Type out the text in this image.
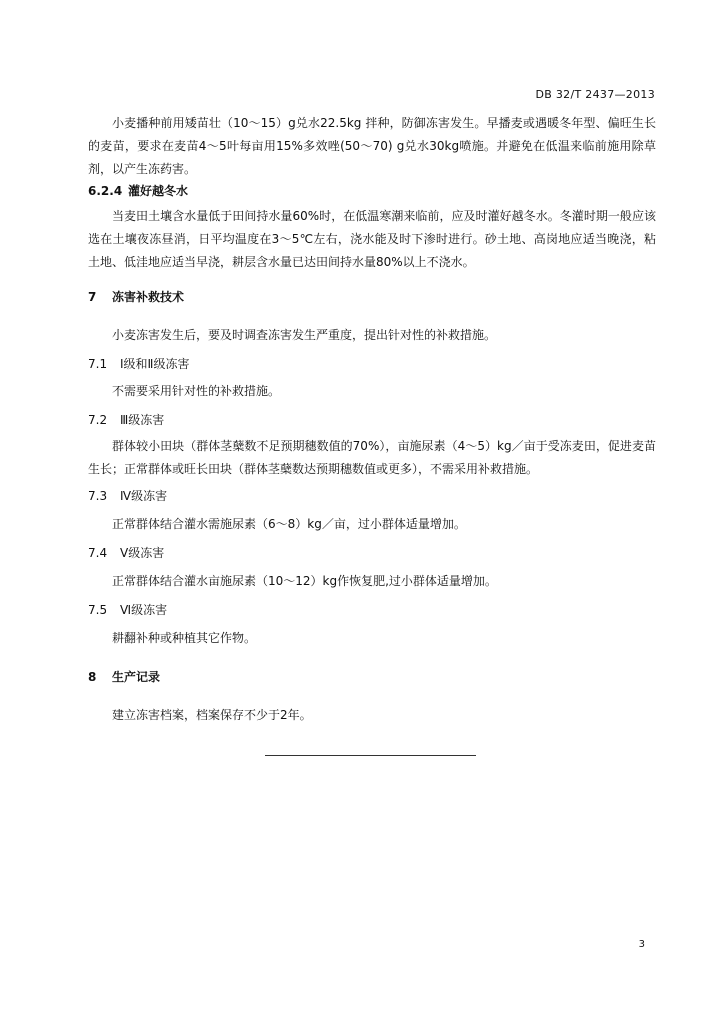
DB 32/T 2437—2013

小麦播种前用矮苗壮（10～15）g兑水22.5kg 拌种，防御冻害发生。早播麦或遇暖冬年型、偏旺生长的麦苗，要求在麦苗4～5叶每亩用15%多效唑(50～70) g兑水30kg喷施。并避免在低温来临前施用除草剂，以产生冻药害。

6.2.4 灌好越冬水

当麦田土壤含水量低于田间持水量60%时，在低温寒潮来临前，应及时灌好越冬水。冬灌时期一般应该选在土壤夜冻昼消，日平均温度在3～5℃左右，浇水能及时下渗时进行。砂土地、高岗地应适当晚浇，粘土地、低洼地应适当早浇，耕层含水量已达田间持水量80%以上不浇水。

7 冻害补救技术
小麦冻害发生后，要及时调查冻害发生严重度，提出针对性的补救措施。
7.1 Ⅰ级和Ⅱ级冻害
不需要采用针对性的补救措施。
7.2 Ⅲ级冻害

群体较小田块（群体茎蘖数不足预期穗数值的70%），亩施尿素（4～5）kg／亩于受冻麦田，促进麦苗生长；正常群体或旺长田块（群体茎蘖数达预期穗数值或更多），不需采用补救措施。

7.3 Ⅳ级冻害
正常群体结合灌水需施尿素（6～8）kg／亩，过小群体适量增加。
7.4 Ⅴ级冻害
正常群体结合灌水亩施尿素（10～12）kg作恢复肥,过小群体适量增加。
7.5 Ⅵ级冻害
耕翻补种或种植其它作物。
8 生产记录
建立冻害档案，档案保存不少于2年。
3
